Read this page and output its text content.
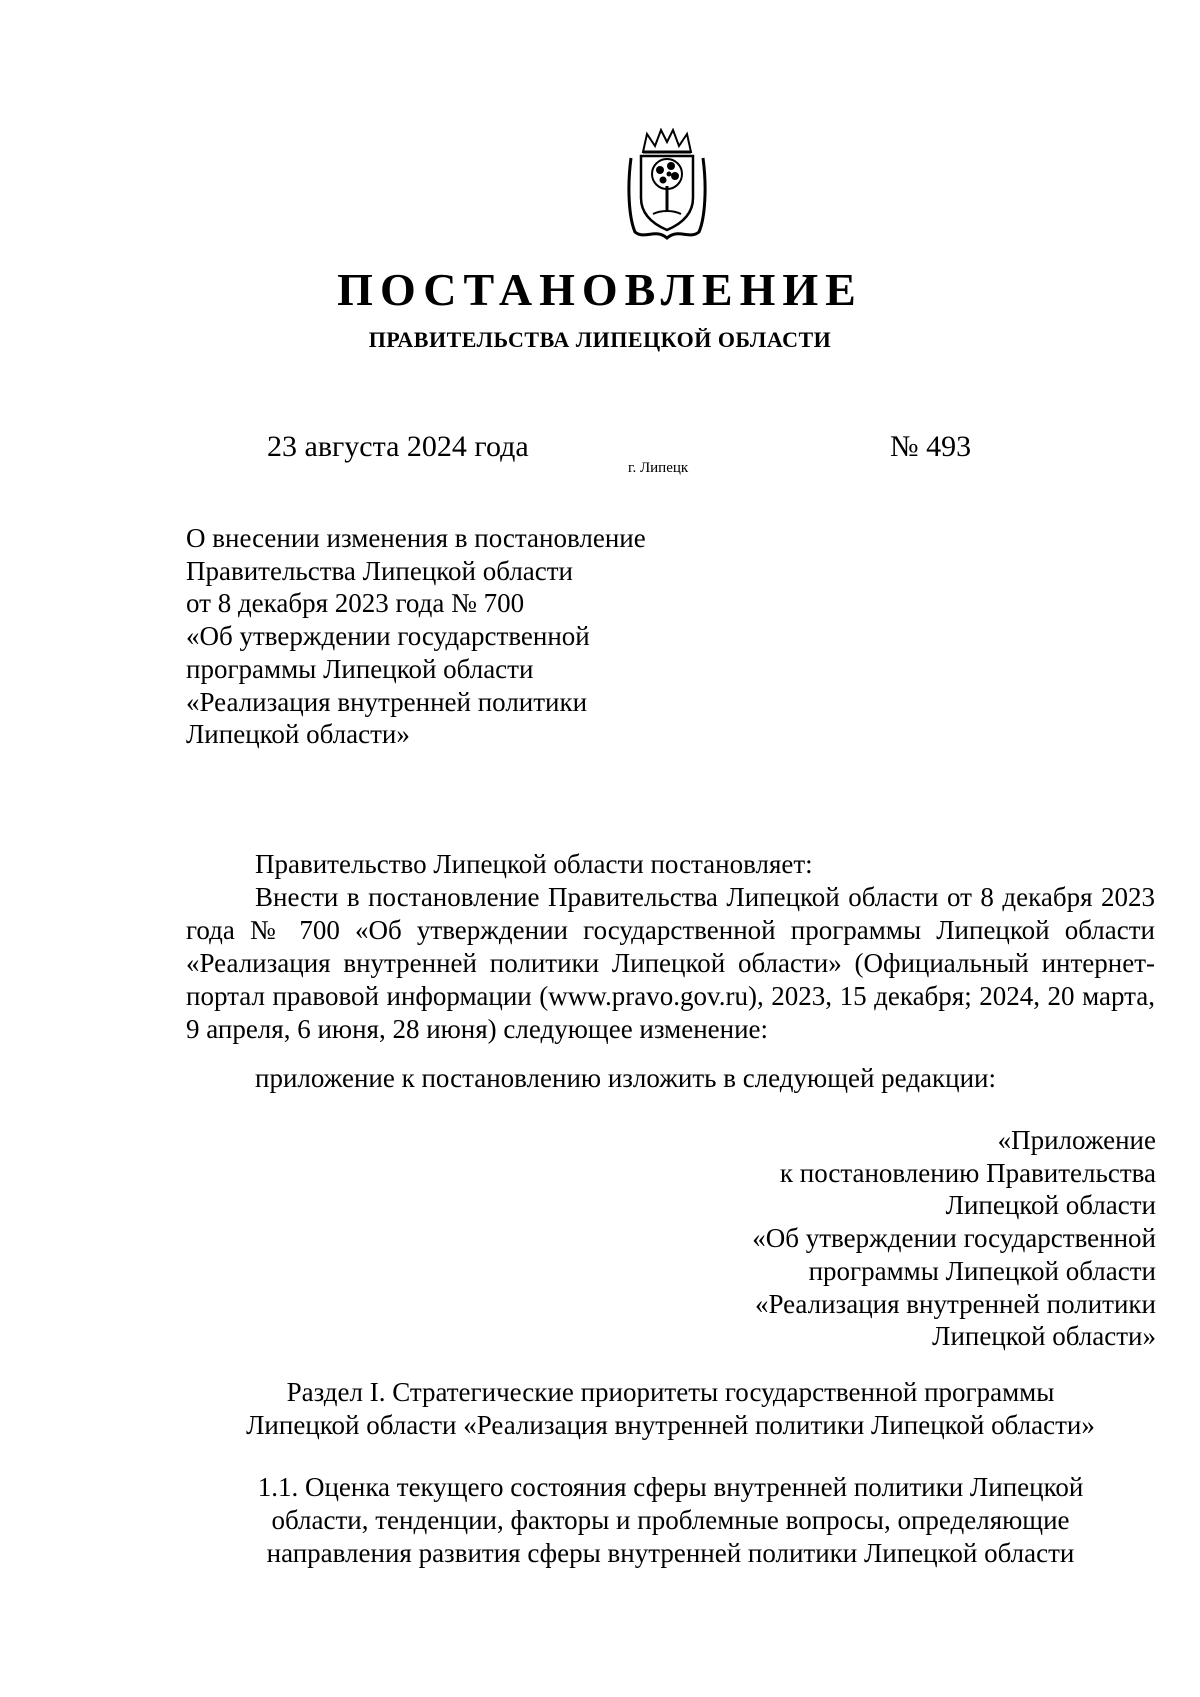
ПОСТАНОВЛЕНИЕ
ПРАВИТЕЛЬСТВА ЛИПЕЦКОЙ ОБЛАСТИ
23 августа 2024 года
г. Липецк
№ 493
О внесении изменения в постановление
Правительства Липецкой области
от 8 декабря 2023 года № 700
«Об утверждении государственной
программы Липецкой области
«Реализация внутренней политики
Липецкой области»

Правительство Липецкой области постановляет:

Внести в постановление Правительства Липецкой области от 8 декабря 2023 года № 700 «Об утверждении государственной программы Липецкой области «Реализация внутренней политики Липецкой области» (Официальный интернет-портал правовой информации (www.pravo.gov.ru), 2023, 15 декабря; 2024, 20 марта, 9 апреля, 6 июня, 28 июня) следующее изменение:

приложение к постановлению изложить в следующей редакции:

«Приложение
к постановлению Правительства
Липецкой области
«Об утверждении государственной
программы Липецкой области
«Реализация внутренней политики
Липецкой области»
Раздел I. Стратегические приоритеты государственной программы
Липецкой области «Реализация внутренней политики Липецкой области»
1.1. Оценка текущего состояния сферы внутренней политики Липецкой
области, тенденции, факторы и проблемные вопросы, определяющие
направления развития сферы внутренней политики Липецкой области
